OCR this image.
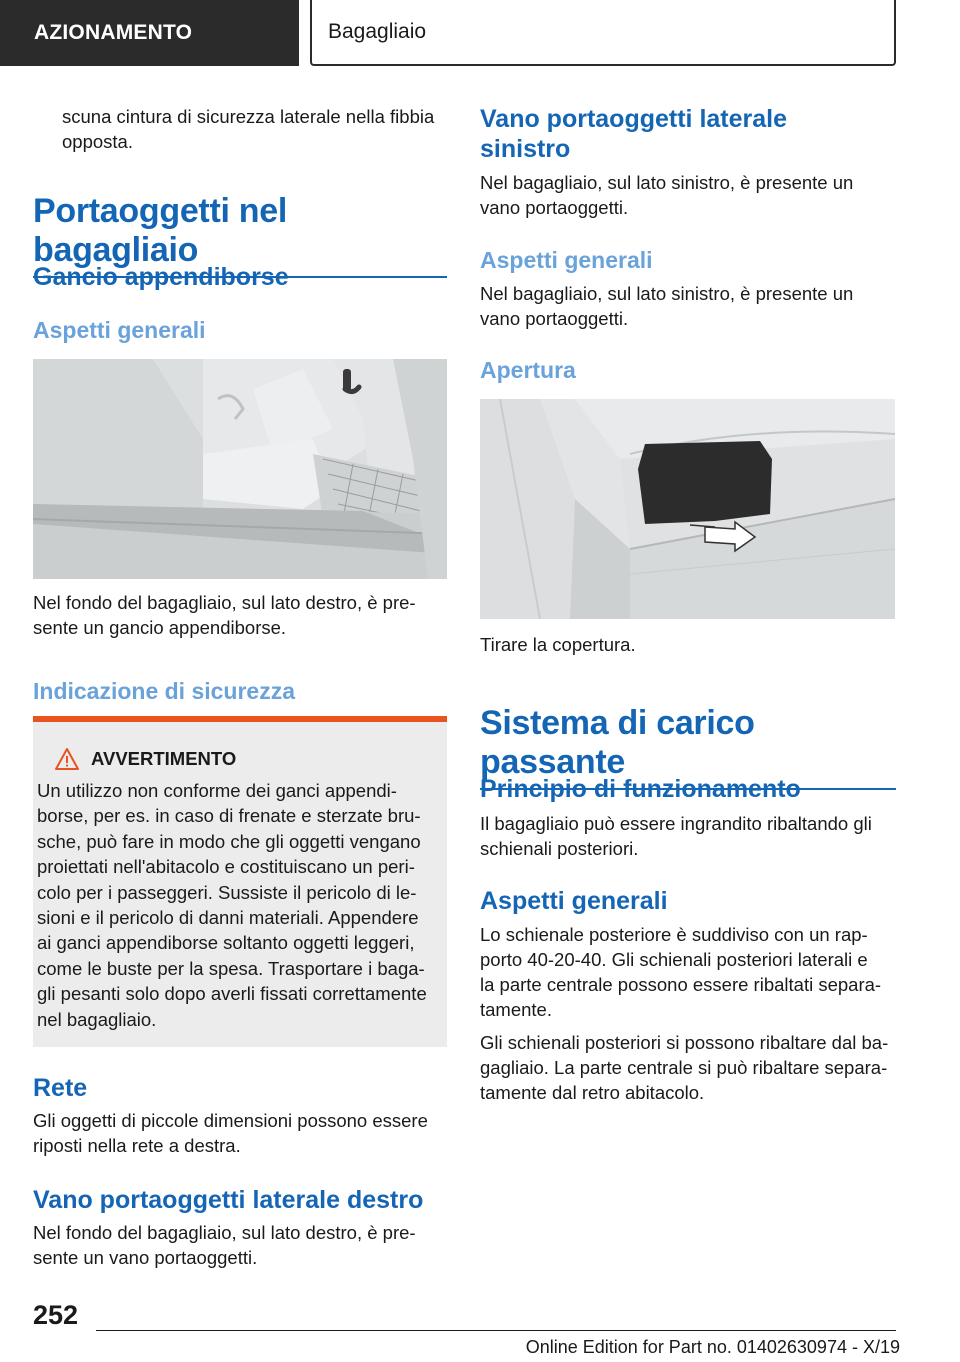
AZIONAMENTO	Bagagliaio

scuna cintura di sicurezza laterale nella fibbia
opposta.

Portaoggetti nel bagagliaio
Gancio appendiborse
Aspetti generali

Nel fondo del bagagliaio, sul lato destro, è pre-
sente un gancio appendiborse.

Indicazione di sicurezza
AVVERTIMENTO
Un utilizzo non conforme dei ganci appendi-
borse, per es. in caso di frenate e sterzate bru-
sche, può fare in modo che gli oggetti vengano
proiettati nell'abitacolo e costituiscano un peri-
colo per i passeggeri. Sussiste il pericolo di le-
sioni e il pericolo di danni materiali. Appendere
ai ganci appendiborse soltanto oggetti leggeri,
come le buste per la spesa. Trasportare i baga-
gli pesanti solo dopo averli fissati correttamente
nel bagagliaio.
Rete

Gli oggetti di piccole dimensioni possono essere
riposti nella rete a destra.

Vano portaoggetti laterale destro

Nel fondo del bagagliaio, sul lato destro, è pre-
sente un vano portaoggetti.

Vano portaoggetti laterale
sinistro

Nel bagagliaio, sul lato sinistro, è presente un
vano portaoggetti.

Aspetti generali

Nel bagagliaio, sul lato sinistro, è presente un
vano portaoggetti.

Apertura

Tirare la copertura.

Sistema di carico passante
Principio di funzionamento

Il bagagliaio può essere ingrandito ribaltando gli
schienali posteriori.

Aspetti generali

Lo schienale posteriore è suddiviso con un rap-
porto 40-20-40. Gli schienali posteriori laterali e
la parte centrale possono essere ribaltati separa-
tamente.

Gli schienali posteriori si possono ribaltare dal ba-
gagliaio. La parte centrale si può ribaltare separa-
tamente dal retro abitacolo.

252
Online Edition for Part no. 01402630974 - X/19
